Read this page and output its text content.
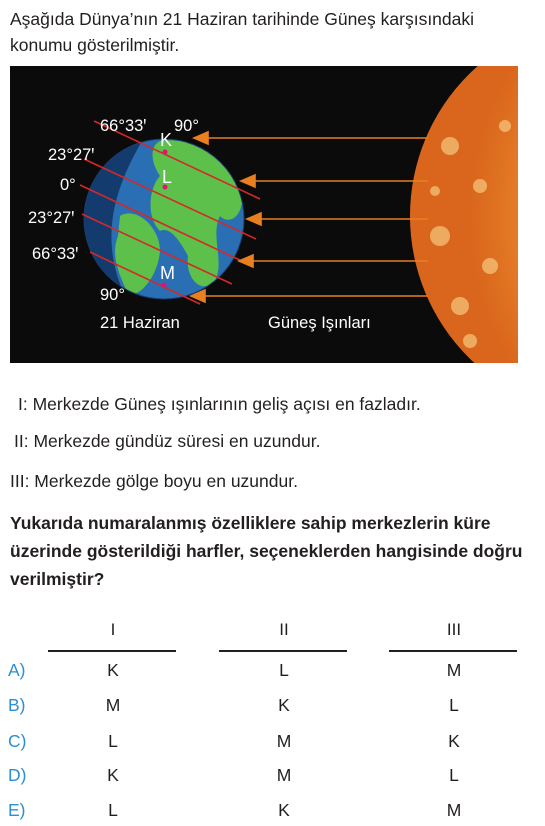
Aşağıda Dünya’nın 21 Haziran tarihinde Güneş karşısındaki konumu gösterilmiştir.
66°33ꞌ 90°
23°27ꞌ
0°
23°27ꞌ
66°33ꞌ
90°
K
L
M
21 Haziran	Güneş Işınları
I: Merkezde Güneş ışınlarının geliş açısı en fazladır.
II: Merkezde gündüz süresi en uzundur.
III: Merkezde gölge boyu en uzundur.
Yukarıda numaralanmış özelliklere sahip merkezlerin küre üzerinde gösterildiği harfler, seçeneklerden hangisinde doğru verilmiştir?
I	II	III
A)	K	L	M
B)	M	K	L
C)	L	M	K
D)	K	M	L
E)	L	K	M
